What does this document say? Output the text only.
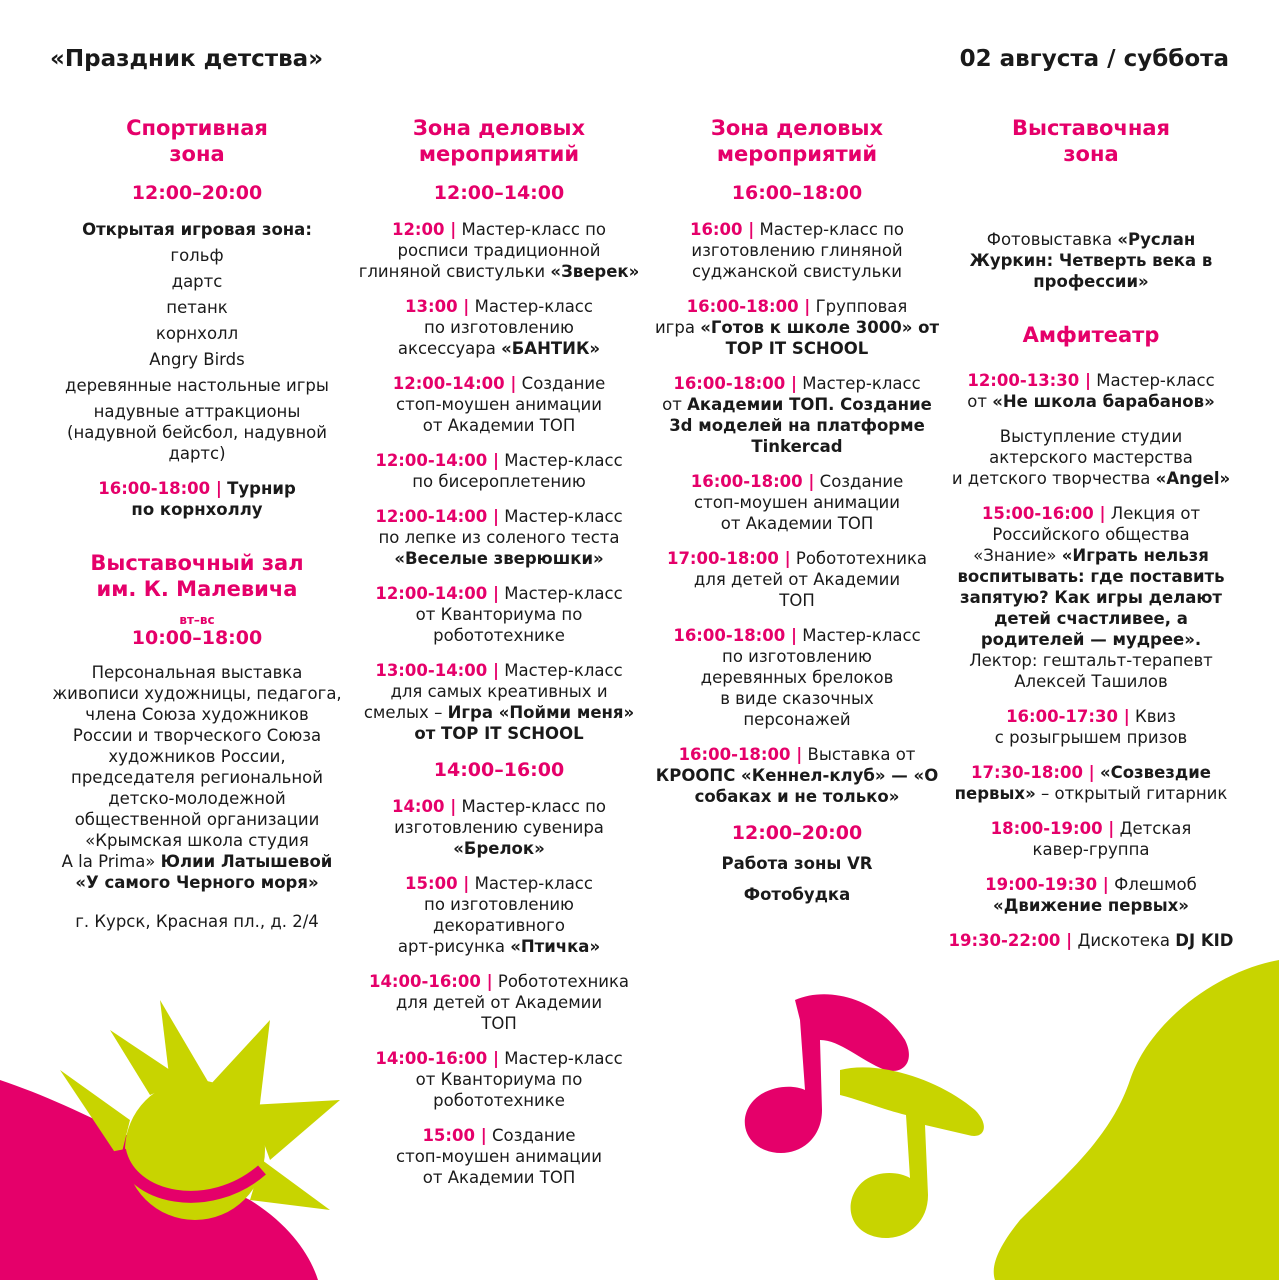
«Праздник детства»	02 августа / суббота
Спортивная
зона
12:00–20:00
Открытая игровая зона:
гольф
дартс
петанк
корнхолл
Angry Birds
деревянные настольные игры
надувные аттракционы
(надувной бейсбол, надувной
дартс)
16:00-18:00 | Турнир
по корнхоллу
Выставочный зал
им. К. Малевича
вт–вс
10:00–18:00
Персональная выставка
живописи художницы, педагога,
члена Союза художников
России и творческого Союза
художников России,
председателя региональной
детско-молодежной
общественной организации
«Крымская школа студия
A la Prima» Юлии Латышевой
«У самого Черного моря»
г. Курск, Красная пл., д. 2/4
Зона деловых
мероприятий
12:00–14:00
12:00 | Мастер-класс по
росписи традиционной
глиняной свистульки «Зверек»
13:00 | Мастер-класс
по изготовлению
аксессуара «БАНТИК»
12:00-14:00 | Создание
стоп-моушен анимации
от Академии ТОП
12:00-14:00 | Мастер-класс
по бисероплетению
12:00-14:00 | Мастер-класс
по лепке из соленого теста «Веселые зверюшки»
12:00-14:00 | Мастер-класс
от Кванториума по
робототехнике
13:00-14:00 | Мастер-класс
для самых креативных и
смелых – Игра «Пойми меня» от TOP IT SCHOOL
14:00–16:00
14:00 | Мастер-класс по
изготовлению сувенира «Брелок»
15:00 | Мастер-класс
по изготовлению
декоративного
арт-рисунка «Птичка»
14:00-16:00 | Робототехника
для детей от Академии
ТОП
14:00-16:00 | Мастер-класс
от Кванториума по
робототехнике
15:00 | Создание
стоп-моушен анимации
от Академии ТОП
Зона деловых
мероприятий
16:00–18:00
16:00 | Мастер-класс по
изготовлению глиняной
суджанской свистульки
16:00-18:00 | Групповая
игра «Готов к школе 3000» от TOP IT SCHOOL
16:00-18:00 | Мастер-класс
от Академии ТОП. Создание 3d моделей на платформе Tinkercad
16:00-18:00 | Создание
стоп-моушен анимации
от Академии ТОП
17:00-18:00 | Робототехника
для детей от Академии
ТОП
16:00-18:00 | Мастер-класс
по изготовлению
деревянных брелоков
в виде сказочных
персонажей
16:00-18:00 | Выставка от КРООПС «Кеннел-клуб» — «О собаках и не только»
12:00–20:00
Работа зоны VR
Фотобудка
Выставочная
зона
Фотовыставка «Руслан Журкин: Четверть века в профессии»
Амфитеатр
12:00-13:30 | Мастер-класс
от «Не школа барабанов»
Выступление студии
актерского мастерства
и детского творчества «Angel»
15:00-16:00 | Лекция от
Российского общества
«Знание» «Играть нельзя воспитывать: где поставить запятую? Как игры делают детей счастливее, а родителей — мудрее». Лектор: гештальт-терапевт Алексей Ташилов
16:00-17:30 | Квиз
с розыгрышем призов
17:30-18:00 | «Созвездие первых» – открытый гитарник
18:00-19:00 | Детская
кавер-группа
19:00-19:30 | Флешмоб «Движение первых»
19:30-22:00 | Дискотека DJ KID
